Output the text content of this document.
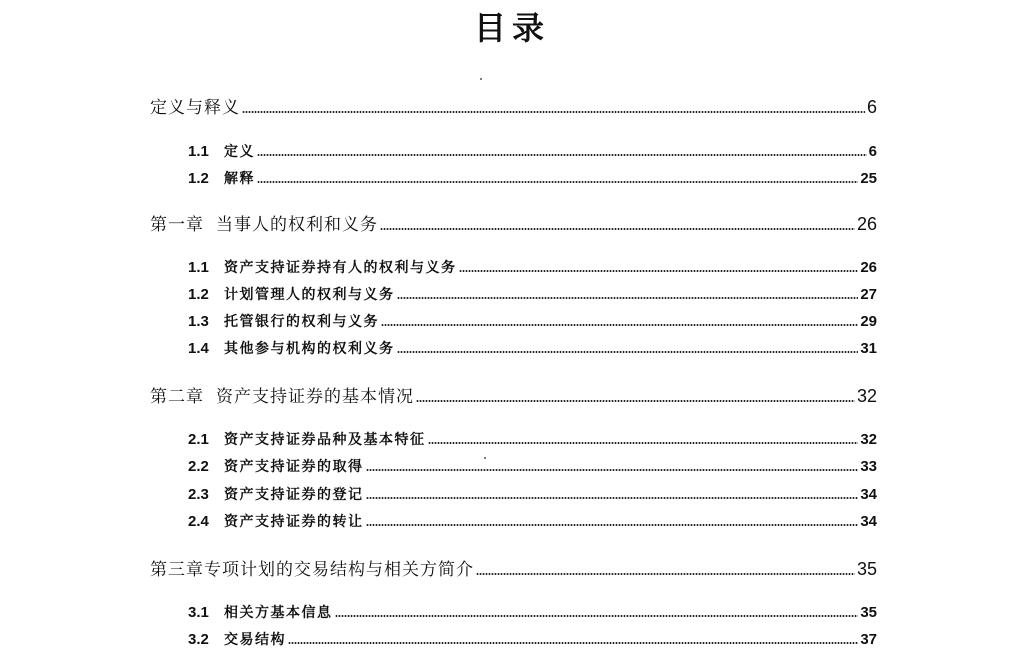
目录
定义与释义	6
1.1	定义	6
1.2	解释	25
第一章 当事人的权利和义务	26
1.1	资产支持证券持有人的权利与义务	26
1.2	计划管理人的权利与义务	27
1.3	托管银行的权利与义务	29
1.4	其他参与机构的权利义务	31
第二章 资产支持证券的基本情况	32
2.1	资产支持证券品种及基本特征	32
2.2	资产支持证券的取得	33
2.3	资产支持证券的登记	34
2.4	资产支持证券的转让	34
第三章 专项计划的交易结构与相关方简介	35
3.1	相关方基本信息	35
3.2	交易结构	37
